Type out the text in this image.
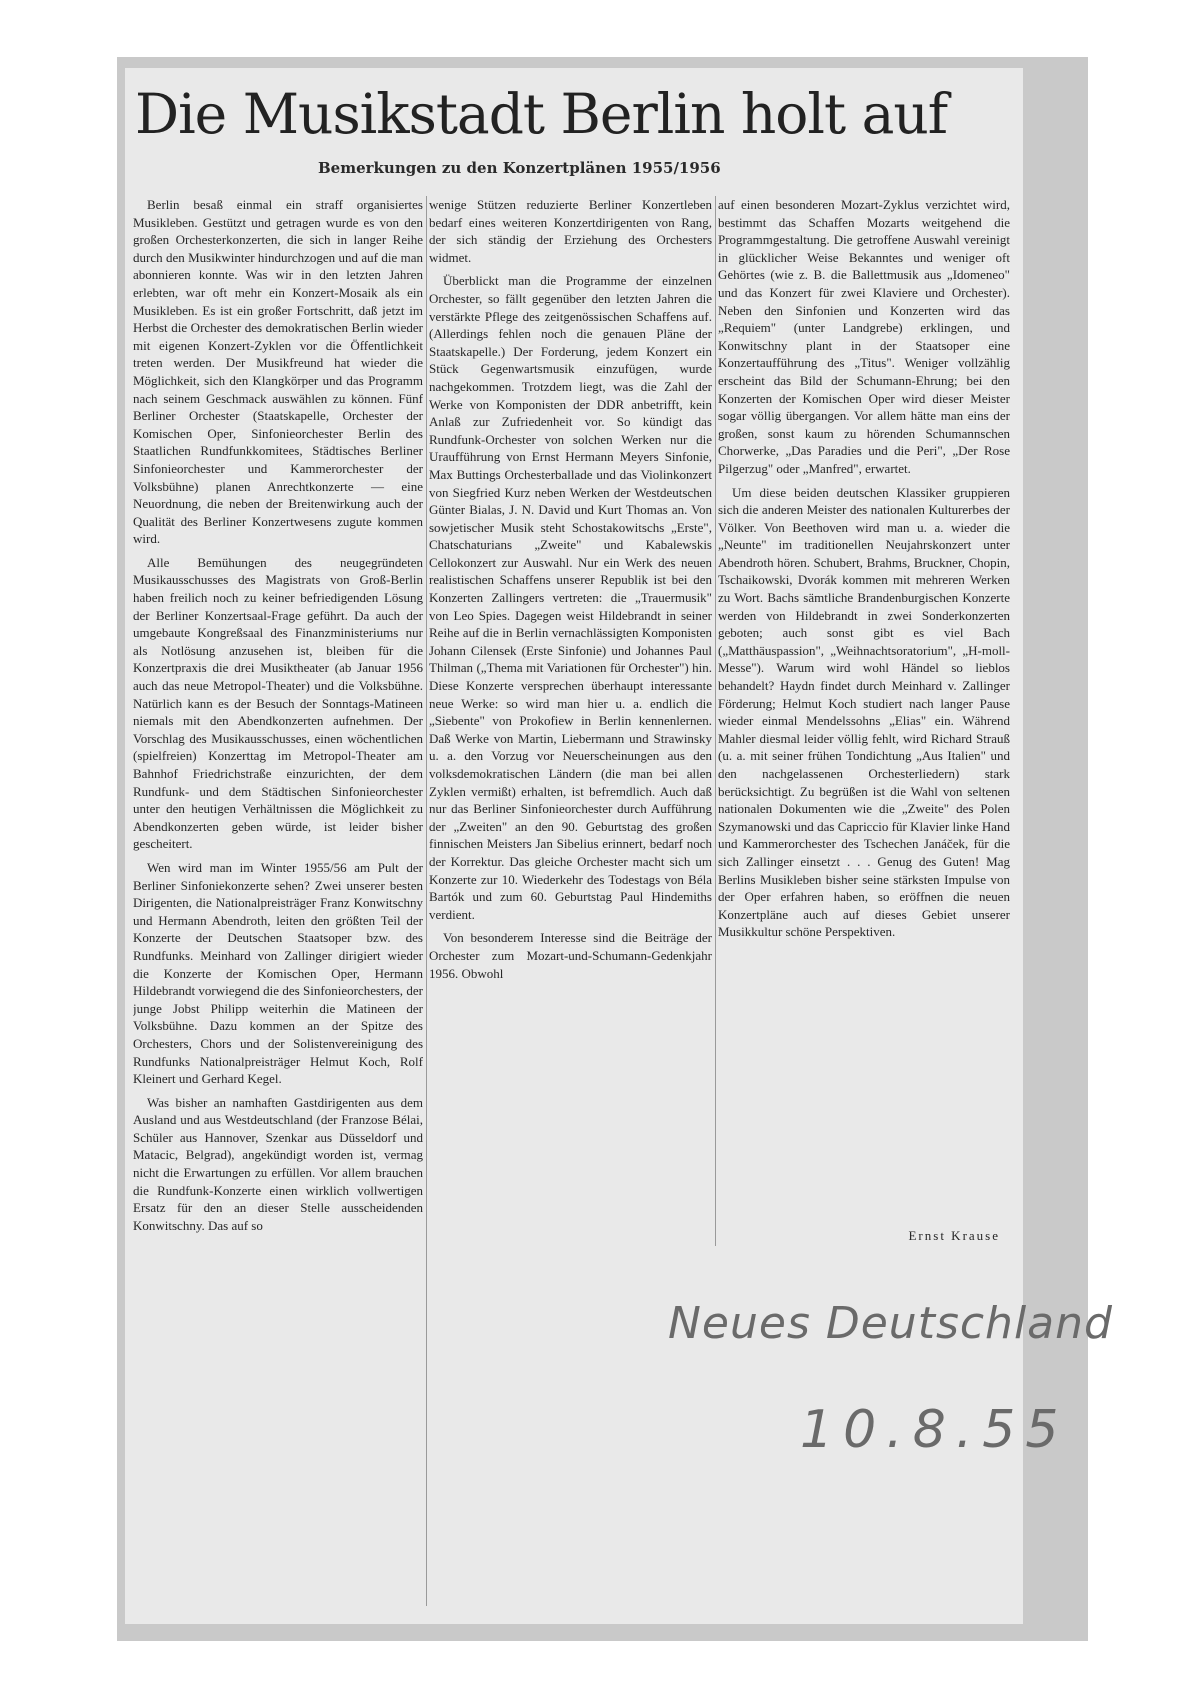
Die Musikstadt Berlin holt auf
Bemerkungen zu den Konzertplänen 1955/1956

Berlin besaß einmal ein straff organisiertes Musikleben. Gestützt und getragen wurde es von den großen Orchesterkonzerten, die sich in langer Reihe durch den Musikwinter hindurchzogen und auf die man abonnieren konnte. Was wir in den letzten Jahren erlebten, war oft mehr ein Konzert-Mosaik als ein Musikleben. Es ist ein großer Fortschritt, daß jetzt im Herbst die Orchester des demokratischen Berlin wieder mit eigenen Konzert-Zyklen vor die Öffentlichkeit treten werden. Der Musikfreund hat wieder die Möglichkeit, sich den Klangkörper und das Programm nach seinem Geschmack auswählen zu können. Fünf Berliner Orchester (Staatskapelle, Orchester der Komischen Oper, Sinfonieorchester Berlin des Staatlichen Rundfunkkomitees, Städtisches Berliner Sinfonieorchester und Kammerorchester der Volksbühne) planen Anrechtkonzerte — eine Neuordnung, die neben der Breitenwirkung auch der Qualität des Berliner Konzertwesens zugute kommen wird.

Alle Bemühungen des neugegründeten Musikausschusses des Magistrats von Groß-Berlin haben freilich noch zu keiner befriedigenden Lösung der Berliner Konzertsaal-Frage geführt. Da auch der umgebaute Kongreßsaal des Finanzministeriums nur als Notlösung anzusehen ist, bleiben für die Konzertpraxis die drei Musiktheater (ab Januar 1956 auch das neue Metropol-Theater) und die Volksbühne. Natürlich kann es der Besuch der Sonntags-Matineen niemals mit den Abendkonzerten aufnehmen. Der Vorschlag des Musikausschusses, einen wöchentlichen (spielfreien) Konzerttag im Metropol-Theater am Bahnhof Friedrichstraße einzurichten, der dem Rundfunk- und dem Städtischen Sinfonieorchester unter den heutigen Verhältnissen die Möglichkeit zu Abendkonzerten geben würde, ist leider bisher gescheitert.

Wen wird man im Winter 1955/56 am Pult der Berliner Sinfoniekonzerte sehen? Zwei unserer besten Dirigenten, die Nationalpreisträger Franz Konwitschny und Hermann Abendroth, leiten den größten Teil der Konzerte der Deutschen Staatsoper bzw. des Rundfunks. Meinhard von Zallinger dirigiert wieder die Konzerte der Komischen Oper, Hermann Hildebrandt vorwiegend die des Sinfonieorchesters, der junge Jobst Philipp weiterhin die Matineen der Volksbühne. Dazu kommen an der Spitze des Orchesters, Chors und der Solistenvereinigung des Rundfunks Nationalpreisträger Helmut Koch, Rolf Kleinert und Gerhard Kegel.

Was bisher an namhaften Gastdirigenten aus dem Ausland und aus Westdeutschland (der Franzose Bélai, Schüler aus Hannover, Szenkar aus Düsseldorf und Matacic, Belgrad), angekündigt worden ist, vermag nicht die Erwartungen zu erfüllen. Vor allem brauchen die Rundfunk-Konzerte einen wirklich vollwertigen Ersatz für den an dieser Stelle ausscheidenden Konwitschny. Das auf so

wenige Stützen reduzierte Berliner Konzertleben bedarf eines weiteren Konzertdirigenten von Rang, der sich ständig der Erziehung des Orchesters widmet.

Überblickt man die Programme der einzelnen Orchester, so fällt gegenüber den letzten Jahren die verstärkte Pflege des zeitgenössischen Schaffens auf. (Allerdings fehlen noch die genauen Pläne der Staatskapelle.) Der Forderung, jedem Konzert ein Stück Gegenwartsmusik einzufügen, wurde nachgekommen. Trotzdem liegt, was die Zahl der Werke von Komponisten der DDR anbetrifft, kein Anlaß zur Zufriedenheit vor. So kündigt das Rundfunk-Orchester von solchen Werken nur die Uraufführung von Ernst Hermann Meyers Sinfonie, Max Buttings Orchesterballade und das Violinkonzert von Siegfried Kurz neben Werken der Westdeutschen Günter Bialas, J. N. David und Kurt Thomas an. Von sowjetischer Musik steht Schostakowitschs „Erste", Chatschaturians „Zweite" und Kabalewskis Cellokonzert zur Auswahl. Nur ein Werk des neuen realistischen Schaffens unserer Republik ist bei den Konzerten Zallingers vertreten: die „Trauermusik" von Leo Spies. Dagegen weist Hildebrandt in seiner Reihe auf die in Berlin vernachlässigten Komponisten Johann Cilensek (Erste Sinfonie) und Johannes Paul Thilman („Thema mit Variationen für Orchester") hin. Diese Konzerte versprechen überhaupt interessante neue Werke: so wird man hier u. a. endlich die „Siebente" von Prokofiew in Berlin kennenlernen. Daß Werke von Martin, Liebermann und Strawinsky u. a. den Vorzug vor Neuerscheinungen aus den volksdemokratischen Ländern (die man bei allen Zyklen vermißt) erhalten, ist befremdlich. Auch daß nur das Berliner Sinfonieorchester durch Aufführung der „Zweiten" an den 90. Geburtstag des großen finnischen Meisters Jan Sibelius erinnert, bedarf noch der Korrektur. Das gleiche Orchester macht sich um Konzerte zur 10. Wiederkehr des Todestags von Béla Bartók und zum 60. Geburtstag Paul Hindemiths verdient.

Von besonderem Interesse sind die Beiträge der Orchester zum Mozart-und-Schumann-Gedenkjahr 1956. Obwohl

auf einen besonderen Mozart-Zyklus verzichtet wird, bestimmt das Schaffen Mozarts weitgehend die Programmgestaltung. Die getroffene Auswahl vereinigt in glücklicher Weise Bekanntes und weniger oft Gehörtes (wie z. B. die Ballettmusik aus „Idomeneo" und das Konzert für zwei Klaviere und Orchester). Neben den Sinfonien und Konzerten wird das „Requiem" (unter Landgrebe) erklingen, und Konwitschny plant in der Staatsoper eine Konzertaufführung des „Titus". Weniger vollzählig erscheint das Bild der Schumann-Ehrung; bei den Konzerten der Komischen Oper wird dieser Meister sogar völlig übergangen. Vor allem hätte man eins der großen, sonst kaum zu hörenden Schumannschen Chorwerke, „Das Paradies und die Peri", „Der Rose Pilgerzug" oder „Manfred", erwartet.

Um diese beiden deutschen Klassiker gruppieren sich die anderen Meister des nationalen Kulturerbes der Völker. Von Beethoven wird man u. a. wieder die „Neunte" im traditionellen Neujahrskonzert unter Abendroth hören. Schubert, Brahms, Bruckner, Chopin, Tschaikowski, Dvorák kommen mit mehreren Werken zu Wort. Bachs sämtliche Brandenburgischen Konzerte werden von Hildebrandt in zwei Sonderkonzerten geboten; auch sonst gibt es viel Bach („Matthäuspassion", „Weihnachtsoratorium", „H-moll-Messe"). Warum wird wohl Händel so lieblos behandelt? Haydn findet durch Meinhard v. Zallinger Förderung; Helmut Koch studiert nach langer Pause wieder einmal Mendelssohns „Elias" ein. Während Mahler diesmal leider völlig fehlt, wird Richard Strauß (u. a. mit seiner frühen Tondichtung „Aus Italien" und den nachgelassenen Orchesterliedern) stark berücksichtigt. Zu begrüßen ist die Wahl von seltenen nationalen Dokumenten wie die „Zweite" des Polen Szymanowski und das Capriccio für Klavier linke Hand und Kammerorchester des Tschechen Janáček, für die sich Zallinger einsetzt . . . Genug des Guten! Mag Berlins Musikleben bisher seine stärksten Impulse von der Oper erfahren haben, so eröffnen die neuen Konzertpläne auch auf dieses Gebiet unserer Musikkultur schöne Perspektiven.

Ernst Krause
Neues Deutschland
10.8.55
